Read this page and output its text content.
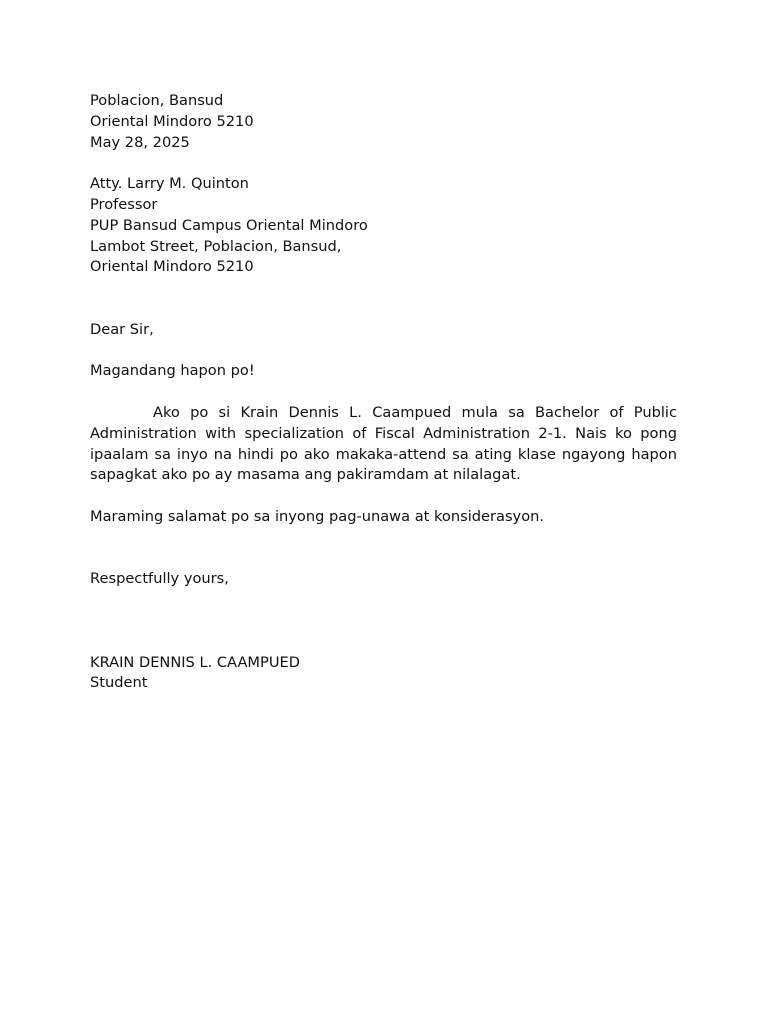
Poblacion, Bansud
Oriental Mindoro 5210
May 28, 2025
Atty. Larry M. Quinton
Professor
PUP Bansud Campus Oriental Mindoro
Lambot Street, Poblacion, Bansud,
Oriental Mindoro 5210
Dear Sir,
Magandang hapon po!

Ako po si Krain Dennis L. Caampued mula sa Bachelor of Public Administration with specialization of Fiscal Administration 2-1. Nais ko pong ipaalam sa inyo na hindi po ako makaka-attend sa ating klase ngayong hapon sapagkat ako po ay masama ang pakiramdam at nilalagat.

Maraming salamat po sa inyong pag-unawa at konsiderasyon.
Respectfully yours,
KRAIN DENNIS L. CAAMPUED
Student
